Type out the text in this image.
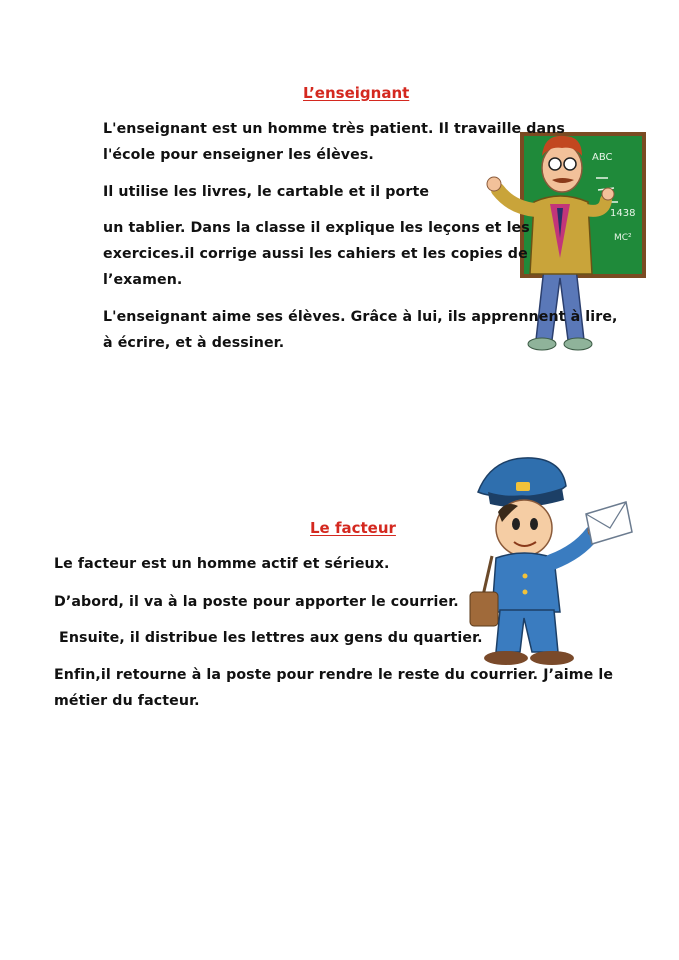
ABC
1438
MC²
L’enseignant
L'enseignant est un homme très patient. Il travaille dans
l'école pour enseigner les élèves.
Il utilise les livres, le cartable et il porte
un tablier. Dans la classe il explique les leçons et les
exercices.il corrige aussi les cahiers et les copies de
l’examen.
L'enseignant aime ses élèves. Grâce à lui, ils apprennent à lire,
à écrire, et à dessiner.
Le facteur
Le facteur est un homme actif et sérieux.
D’abord, il va à la poste pour apporter le courrier.
Ensuite, il distribue les lettres aux gens du quartier.
Enfin,il retourne à la poste pour rendre le reste du courrier. J’aime le
métier du facteur.
